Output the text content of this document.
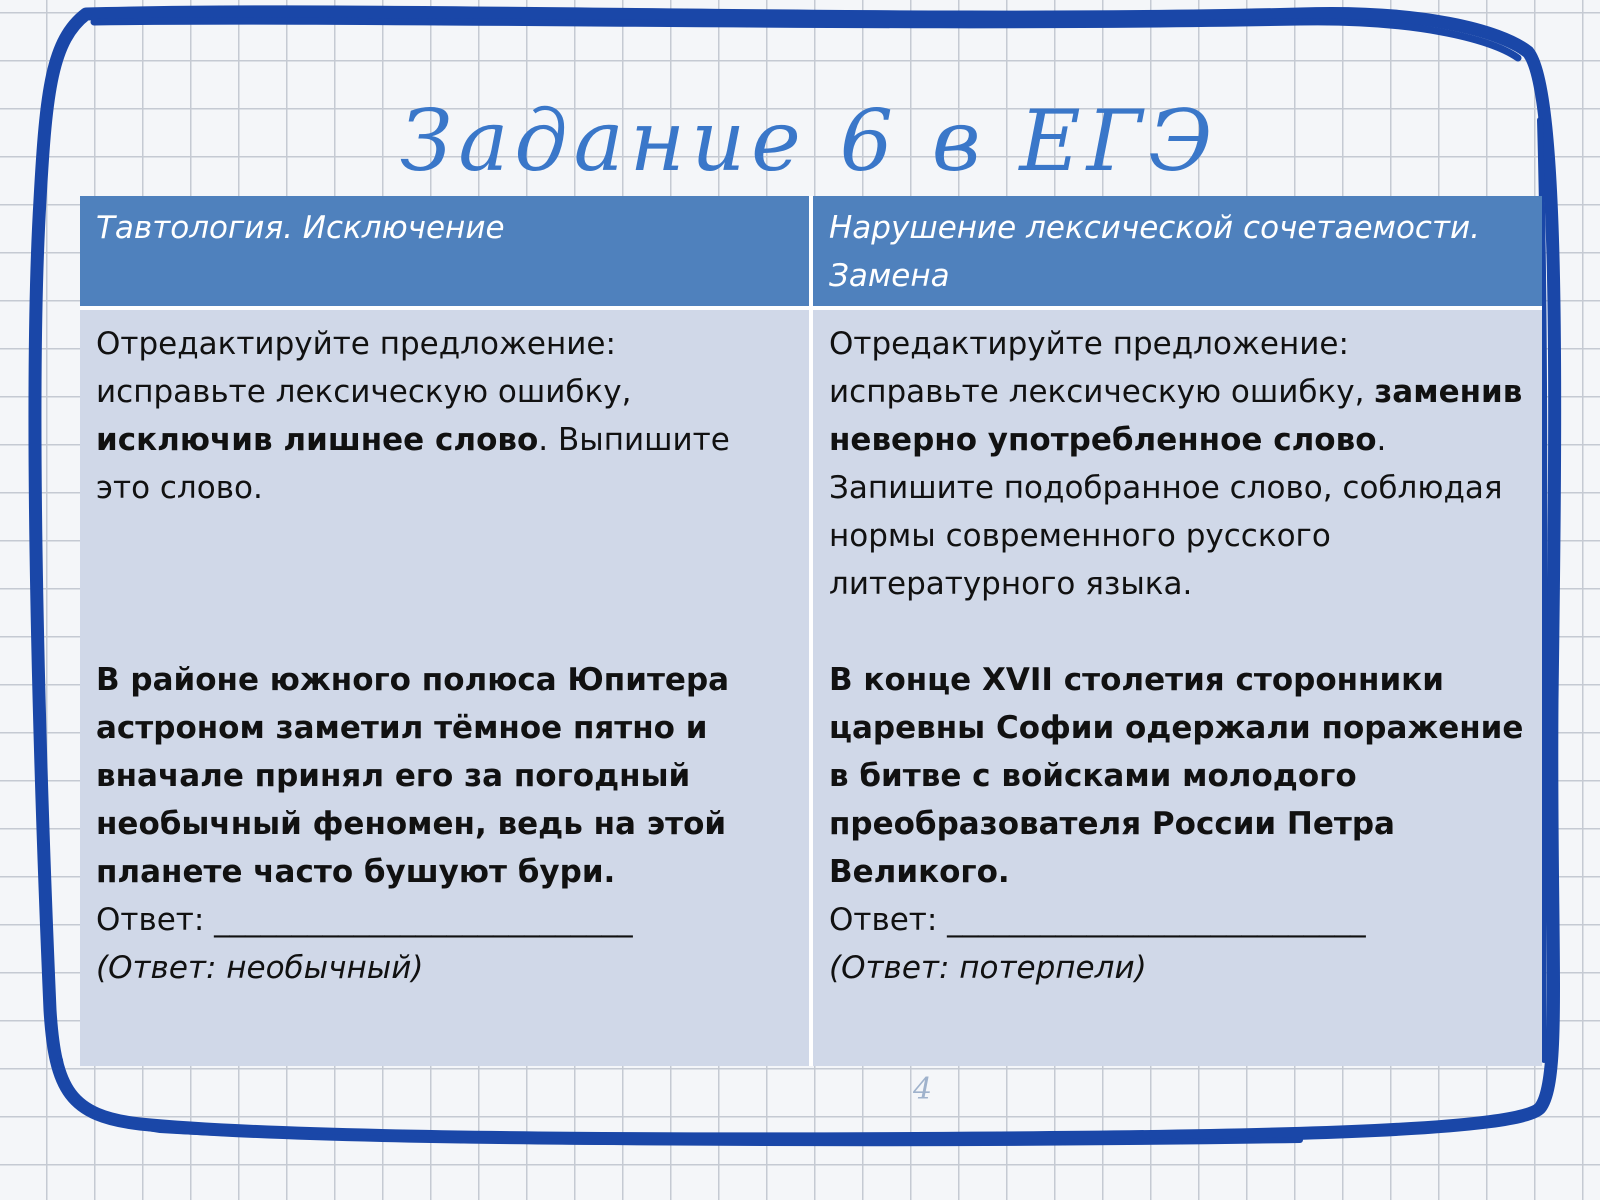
Задание 6 в ЕГЭ
Тавтология. Исключение	Нарушение лексической сочетаемости. Замена

Отредактируйте предложение: исправьте лексическую ошибку, исключив лишнее слово. Выпишите это слово.

В районе южного полюса Юпитера астроном заметил тёмное пятно и вначале принял его за погодный необычный феномен, ведь на этой планете часто бушуют бури.

Ответ: ___________________________

(Ответ: необычный)

Отредактируйте предложение: исправьте лексическую ошибку, заменив неверно употребленное слово. Запишите подобранное слово, соблюдая нормы современного русского литературного языка.

В конце XVII столетия сторонники царевны Софии одержали поражение в битве с войсками молодого преобразователя России Петра Великого.

Ответ: ___________________________

(Ответ: потерпели)

4
